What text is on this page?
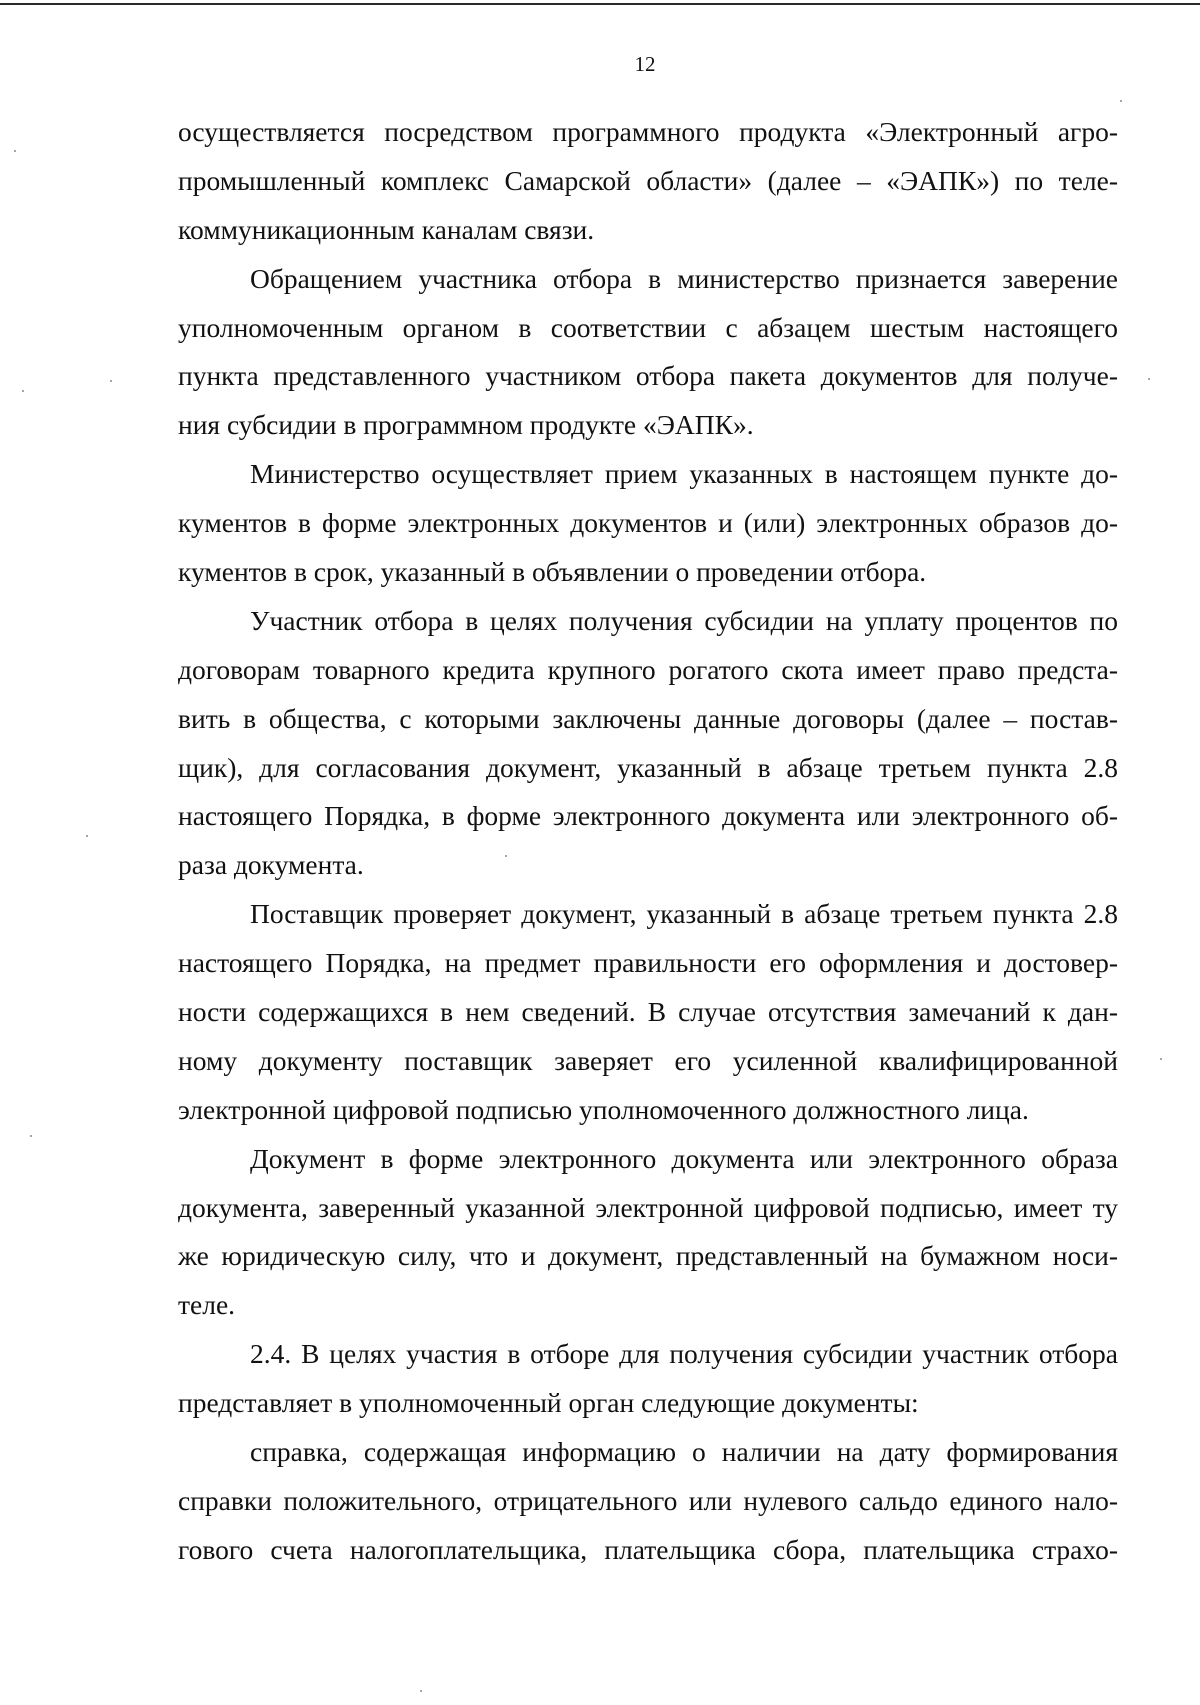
12
осуществляется посредством программного продукта «Электронный агро-
промышленный комплекс Самарской области» (далее – «ЭАПК») по теле-
коммуникационным каналам связи.
Обращением участника отбора в министерство признается заверение
уполномоченным органом в соответствии с абзацем шестым настоящего
пункта представленного участником отбора пакета документов для получе-
ния субсидии в программном продукте «ЭАПК».
Министерство осуществляет прием указанных в настоящем пункте до-
кументов в форме электронных документов и (или) электронных образов до-
кументов в срок, указанный в объявлении о проведении отбора.
Участник отбора в целях получения субсидии на уплату процентов по
договорам товарного кредита крупного рогатого скота имеет право предста-
вить в общества, с которыми заключены данные договоры (далее – постав-
щик), для согласования документ, указанный в абзаце третьем пункта 2.8
настоящего Порядка, в форме электронного документа или электронного об-
раза документа.
Поставщик проверяет документ, указанный в абзаце третьем пункта 2.8
настоящего Порядка, на предмет правильности его оформления и достовер-
ности содержащихся в нем сведений. В случае отсутствия замечаний к дан-
ному документу поставщик заверяет его усиленной квалифицированной
электронной цифровой подписью уполномоченного должностного лица.
Документ в форме электронного документа или электронного образа
документа, заверенный указанной электронной цифровой подписью, имеет ту
же юридическую силу, что и документ, представленный на бумажном носи-
теле.
2.4. В целях участия в отборе для получения субсидии участник отбора
представляет в уполномоченный орган следующие документы:
справка, содержащая информацию о наличии на дату формирования
справки положительного, отрицательного или нулевого сальдо единого нало-
гового счета налогоплательщика, плательщика сбора, плательщика страхо-
